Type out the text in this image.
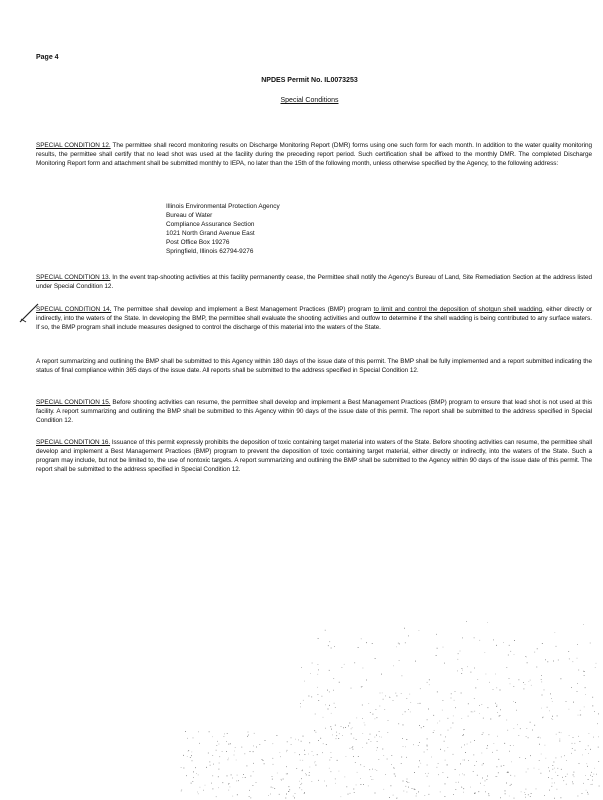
Page 4
NPDES Permit No. IL0073253
Special Conditions
SPECIAL CONDITION 12. The permittee shall record monitoring results on Discharge Monitoring Report (DMR) forms using one such form for each month. In addition to the water quality monitoring results, the permittee shall certify that no lead shot was used at the facility during the preceding report period. Such certification shall be affixed to the monthly DMR. The completed Discharge Monitoring Report form and attachment shall be submitted monthly to IEPA, no later than the 15th of the following month, unless otherwise specified by the Agency, to the following address:
Illinois Environmental Protection Agency
Bureau of Water
Compliance Assurance Section
1021 North Grand Avenue East
Post Office Box 19276
Springfield, Illinois 62794-9276
SPECIAL CONDITION 13. In the event trap-shooting activities at this facility permanently cease, the Permittee shall notify the Agency's Bureau of Land, Site Remediation Section at the address listed under Special Condition 12.
SPECIAL CONDITION 14. The permittee shall develop and implement a Best Management Practices (BMP) program to limit and control the deposition of shotgun shell wadding, either directly or indirectly, into the waters of the State. In developing the BMP, the permittee shall evaluate the shooting activities and outfow to determine if the shell wadding is being contributed to any surface waters. If so, the BMP program shall include measures designed to control the discharge of this material into the waters of the State.
A report summarizing and outlining the BMP shall be submitted to this Agency within 180 days of the issue date of this permit. The BMP shall be fully implemented and a report submitted indicating the status of final compliance within 365 days of the issue date. All reports shall be submitted to the address specified in Special Condition 12.
SPECIAL CONDITION 15. Before shooting activities can resume, the permittee shall develop and implement a Best Management Practices (BMP) program to ensure that lead shot is not used at this facility. A report summarizing and outlining the BMP shall be submitted to this Agency within 90 days of the issue date of this permit. The report shall be submitted to the address specified in Special Condition 12.
SPECIAL CONDITION 16. Issuance of this permit expressly prohibits the deposition of toxic containing target material into waters of the State. Before shooting activities can resume, the permittee shall develop and implement a Best Management Practices (BMP) program to prevent the deposition of toxic containing target material, either directly or indirectly, into the waters of the State. Such a program may include, but not be limited to, the use of nontoxic targets. A report summarizing and outlining the BMP shall be submitted to the Agency within 90 days of the issue date of this permit. The report shall be submitted to the address specified in Special Condition 12.
